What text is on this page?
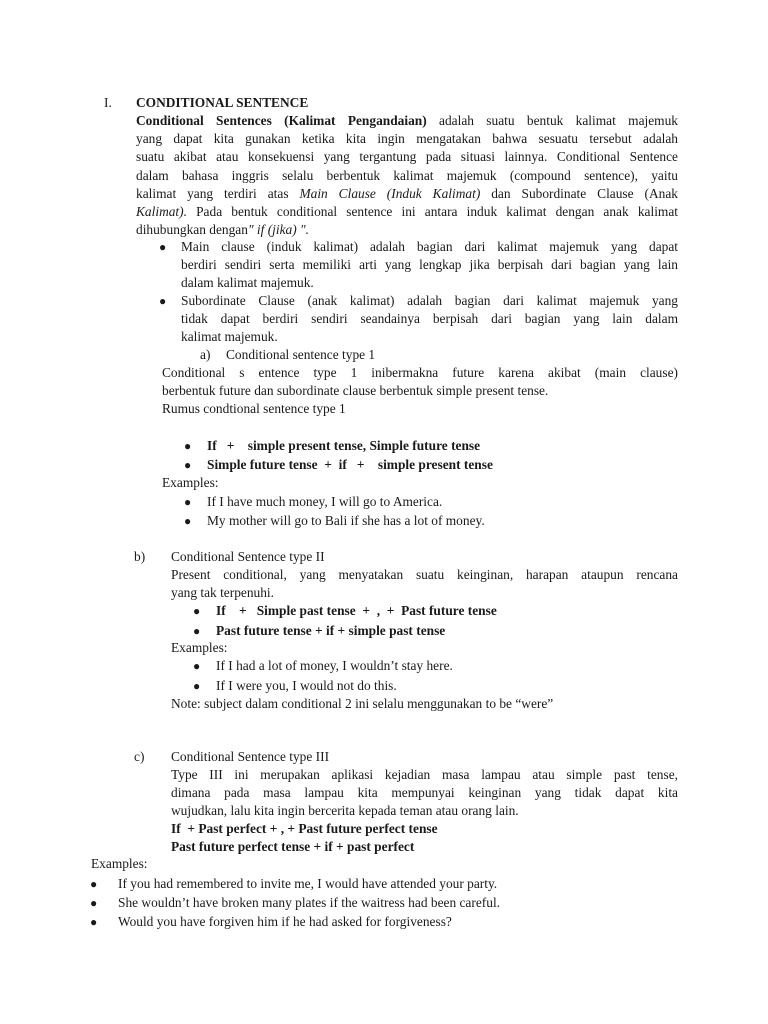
I. CONDITIONAL SENTENCE

Conditional Sentences (Kalimat Pengandaian) adalah suatu bentuk kalimat majemuk

yang dapat kita gunakan ketika kita ingin mengatakan bahwa sesuatu tersebut adalah

suatu akibat atau konsekuensi yang tergantung pada situasi lainnya. Conditional Sentence

dalam bahasa inggris selalu berbentuk kalimat majemuk (compound sentence), yaitu

kalimat yang terdiri atas Main Clause (Induk Kalimat) dan Subordinate Clause (Anak

Kalimat). Pada bentuk conditional sentence ini antara induk kalimat dengan anak kalimat

dihubungkan dengan" if (jika) ".

● Main clause (induk kalimat) adalah bagian dari kalimat majemuk yang dapat

berdiri sendiri serta memiliki arti yang lengkap jika berpisah dari bagian yang lain

dalam kalimat majemuk.

● Subordinate Clause (anak kalimat) adalah bagian dari kalimat majemuk yang

tidak dapat berdiri sendiri seandainya berpisah dari bagian yang lain dalam

kalimat majemuk.

a) Conditional sentence type 1

Conditional s entence type 1 inibermakna future karena akibat (main clause)

berbentuk future dan subordinate clause berbentuk simple present tense.

Rumus condtional sentence type 1
● If   +    simple present tense, Simple future tense
● Simple future tense  +  if   +    simple present tense
Examples:
● If I have much money, I will go to America.
● My mother will go to Bali if she has a lot of money.
b) Conditional Sentence type II

Present conditional, yang menyatakan suatu keinginan, harapan ataupun rencana

yang tak terpenuhi.

● If    +   Simple past tense  +  ,  +  Past future tense
● Past future tense + if + simple past tense
Examples:
● If I had a lot of money, I wouldn’t stay here.
● If I were you, I would not do this.
Note: subject dalam conditional 2 ini selalu menggunakan to be “were”
c) Conditional Sentence type III

Type III ini merupakan aplikasi kejadian masa lampau atau simple past tense,

dimana pada masa lampau kita mempunyai keinginan yang tidak dapat kita

wujudkan, lalu kita ingin bercerita kepada teman atau orang lain.

If  + Past perfect + , + Past future perfect tense
Past future perfect tense + if + past perfect
Examples:
● If you had remembered to invite me, I would have attended your party.
● She wouldn’t have broken many plates if the waitress had been careful.
● Would you have forgiven him if he had asked for forgiveness?
